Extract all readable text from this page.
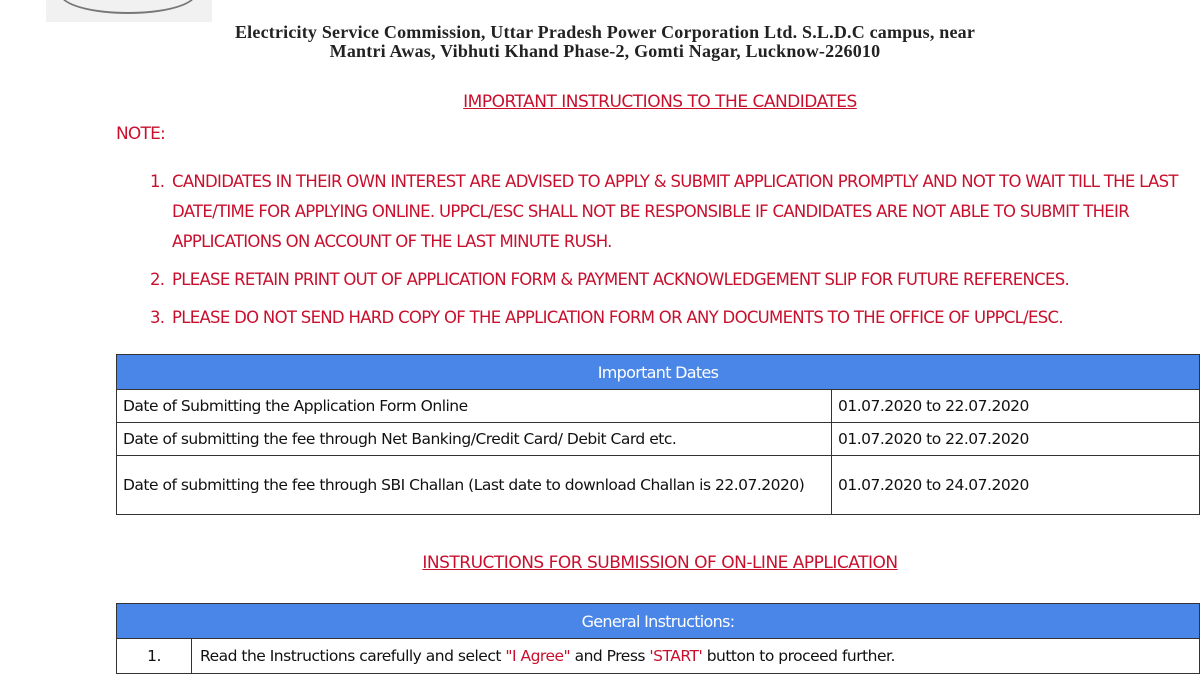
Electricity Service Commission, Uttar Pradesh Power Corporation Ltd. S.L.D.C campus, near
Mantri Awas, Vibhuti Khand Phase-2, Gomti Nagar, Lucknow-226010
IMPORTANT INSTRUCTIONS TO THE CANDIDATES
NOTE:
1. CANDIDATES IN THEIR OWN INTEREST ARE ADVISED TO APPLY & SUBMIT APPLICATION PROMPTLY AND NOT TO WAIT TILL THE LAST DATE/TIME FOR APPLYING ONLINE. UPPCL/ESC SHALL NOT BE RESPONSIBLE IF CANDIDATES ARE NOT ABLE TO SUBMIT THEIR APPLICATIONS ON ACCOUNT OF THE LAST MINUTE RUSH.
2. PLEASE RETAIN PRINT OUT OF APPLICATION FORM & PAYMENT ACKNOWLEDGEMENT SLIP FOR FUTURE REFERENCES.
3. PLEASE DO NOT SEND HARD COPY OF THE APPLICATION FORM OR ANY DOCUMENTS TO THE OFFICE OF UPPCL/ESC.
Important Dates	
Date of Submitting the Application Form Online	01.07.2020 to 22.07.2020
Date of submitting the fee through Net Banking/Credit Card/ Debit Card etc.	01.07.2020 to 22.07.2020
Date of submitting the fee through SBI Challan (Last date to download Challan is 22.07.2020)	01.07.2020 to 24.07.2020
INSTRUCTIONS FOR SUBMISSION OF ON-LINE APPLICATION
General Instructions:
1.	Read the Instructions carefully and select "I Agree" and Press 'START' button to proceed further.
